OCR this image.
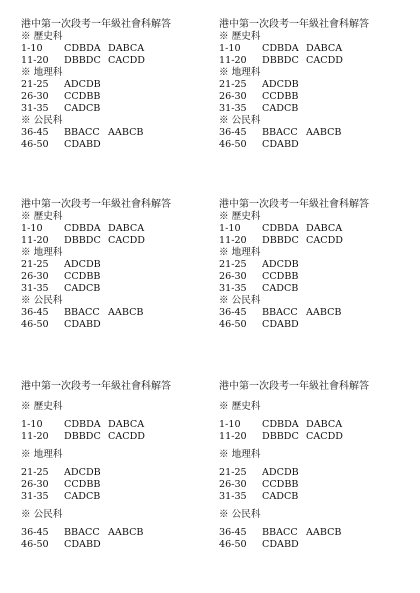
港中第一次段考一年級社會科解答
※ 歷史科
1-10 CDBDA DABCA
11-20 DBBDC CACDD
※ 地理科
21-25 ADCDB
26-30 CCDBB
31-35 CADCB
※ 公民科
36-45 BBACC AABCB
46-50 CDABD
港中第一次段考一年級社會科解答
※ 歷史科
1-10 CDBDA DABCA
11-20 DBBDC CACDD
※ 地理科
21-25 ADCDB
26-30 CCDBB
31-35 CADCB
※ 公民科
36-45 BBACC AABCB
46-50 CDABD
港中第一次段考一年級社會科解答
※ 歷史科
1-10 CDBDA DABCA
11-20 DBBDC CACDD
※ 地理科
21-25 ADCDB
26-30 CCDBB
31-35 CADCB
※ 公民科
36-45 BBACC AABCB
46-50 CDABD
港中第一次段考一年級社會科解答
※ 歷史科
1-10 CDBDA DABCA
11-20 DBBDC CACDD
※ 地理科
21-25 ADCDB
26-30 CCDBB
31-35 CADCB
※ 公民科
36-45 BBACC AABCB
46-50 CDABD
港中第一次段考一年級社會科解答
※ 歷史科
1-10 CDBDA DABCA
11-20 DBBDC CACDD
※ 地理科
21-25 ADCDB
26-30 CCDBB
31-35 CADCB
※ 公民科
36-45 BBACC AABCB
46-50 CDABD
港中第一次段考一年級社會科解答
※ 歷史科
1-10 CDBDA DABCA
11-20 DBBDC CACDD
※ 地理科
21-25 ADCDB
26-30 CCDBB
31-35 CADCB
※ 公民科
36-45 BBACC AABCB
46-50 CDABD
